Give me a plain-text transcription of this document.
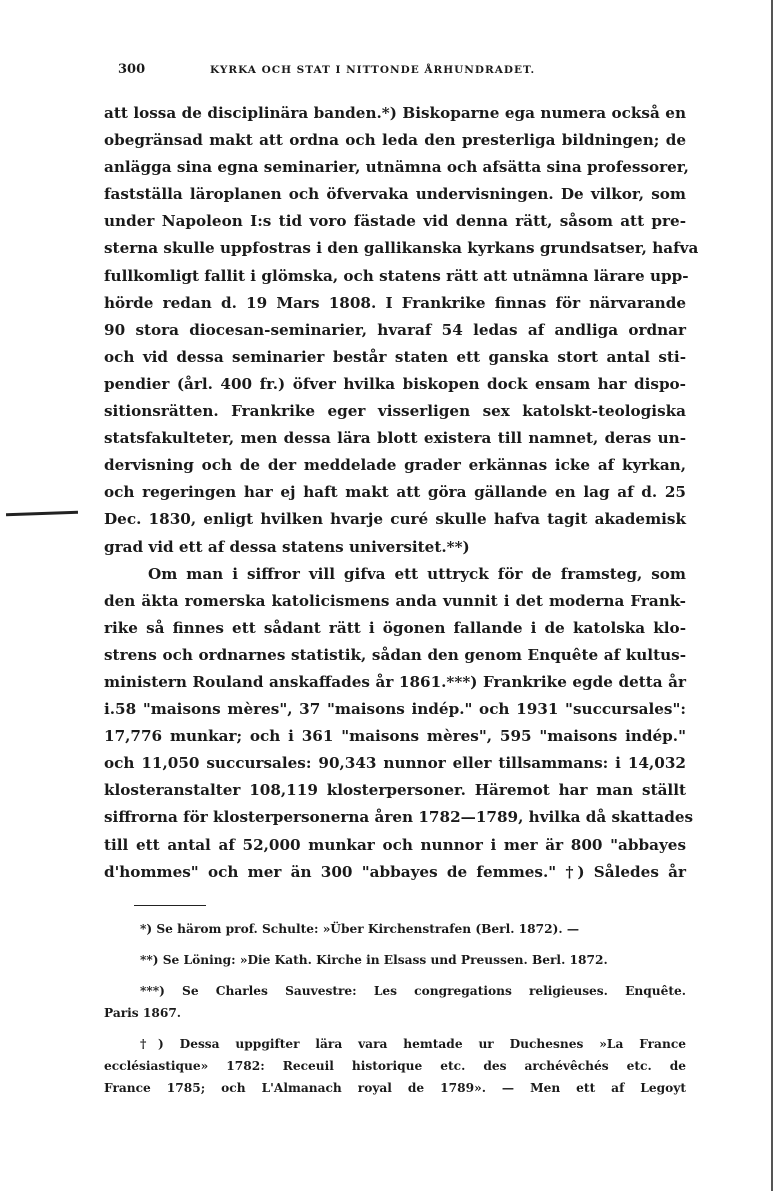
300	KYRKA OCH STAT I NITTONDE ÅRHUNDRADET.
att lossa de disciplinära banden.*) Biskoparne ega numera också en
obegränsad makt att ordna och leda den presterliga bildningen; de
anlägga sina egna seminarier, utnämna och afsätta sina professorer,
fastställa läroplanen och öfvervaka undervisningen. De vilkor, som
under Napoleon I:s tid voro fästade vid denna rätt, såsom att pre-
sterna skulle uppfostras i den gallikanska kyrkans grundsatser, hafva
fullkomligt fallit i glömska, och statens rätt att utnämna lärare upp-
hörde redan d. 19 Mars 1808. I Frankrike finnas för närvarande
90 stora diocesan-seminarier, hvaraf 54 ledas af andliga ordnar
och vid dessa seminarier består staten ett ganska stort antal sti-
pendier (årl. 400 fr.) öfver hvilka biskopen dock ensam har dispo-
sitionsrätten. Frankrike eger visserligen sex katolskt-teologiska
statsfakulteter, men dessa lära blott existera till namnet, deras un-
dervisning och de der meddelade grader erkännas icke af kyrkan,
och regeringen har ej haft makt att göra gällande en lag af d. 25
Dec. 1830, enligt hvilken hvarje curé skulle hafva tagit akademisk
grad vid ett af dessa statens universitet.**)
Om man i siffror vill gifva ett uttryck för de framsteg, som
den äkta romerska katolicismens anda vunnit i det moderna Frank-
rike så finnes ett sådant rätt i ögonen fallande i de katolska klo-
strens och ordnarnes statistik, sådan den genom Enquête af kultus-
ministern Rouland anskaffades år 1861.***) Frankrike egde detta år
i.58 "maisons mères", 37 "maisons indép." och 1931 "succursales":
17,776 munkar; och i 361 "maisons mères", 595 "maisons indép."
och 11,050 succursales: 90,343 nunnor eller tillsammans: i 14,032
klosteranstalter 108,119 klosterpersoner. Häremot har man ställt
siffrorna för klosterpersonerna åren 1782—1789, hvilka då skattades
till ett antal af 52,000 munkar och nunnor i mer är 800 "abbayes
d'hommes" och mer än 300 "abbayes de femmes." †) Således år
*) Se härom prof. Schulte: »Über Kirchenstrafen (Berl. 1872). —
**) Se Löning: »Die Kath. Kirche in Elsass und Preussen. Berl. 1872.
***) Se Charles Sauvestre: Les congregations religieuses. Enquête.
Paris 1867.
†) Dessa uppgifter lära vara hemtade ur Duchesnes »La France
ecclésiastique» 1782: Receuil historique etc. des archévêchés etc. de
France 1785; och L'Almanach royal de 1789». — Men ett af Legoyt
